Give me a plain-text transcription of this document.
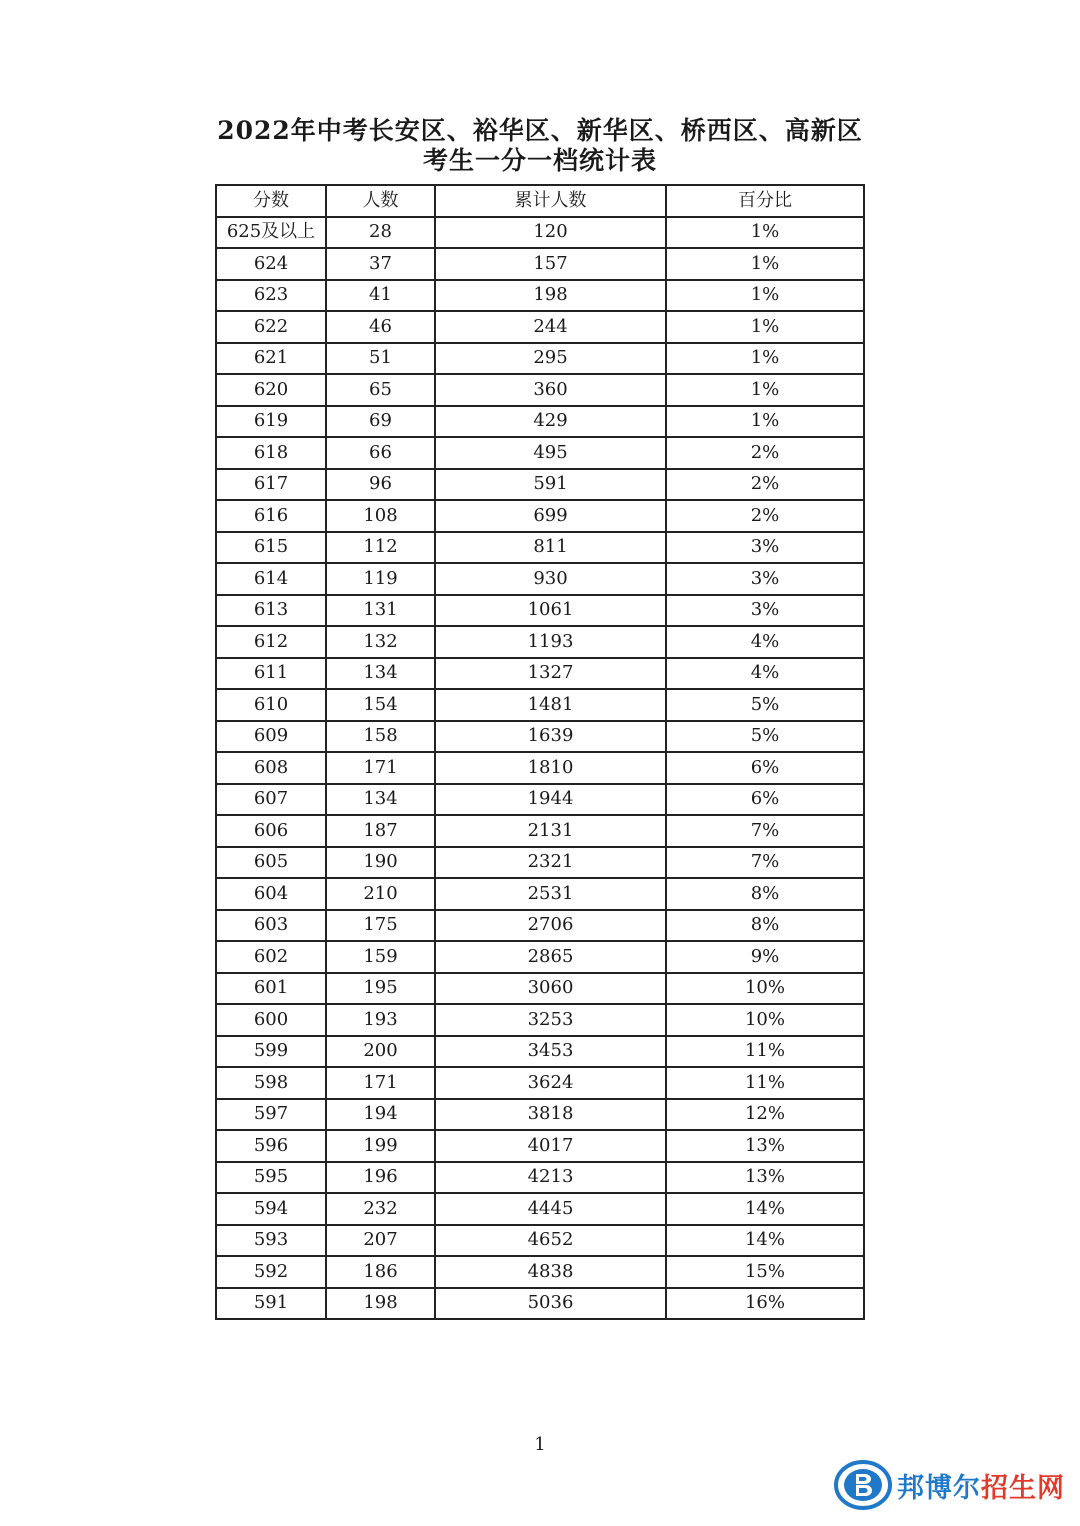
2022年中考长安区、裕华区、新华区、桥西区、高新区
考生一分一档统计表
分数	人数	累计人数	百分比
625及以上	28	120	1%
624	37	157	1%
623	41	198	1%
622	46	244	1%
621	51	295	1%
620	65	360	1%
619	69	429	1%
618	66	495	2%
617	96	591	2%
616	108	699	2%
615	112	811	3%
614	119	930	3%
613	131	1061	3%
612	132	1193	4%
611	134	1327	4%
610	154	1481	5%
609	158	1639	5%
608	171	1810	6%
607	134	1944	6%
606	187	2131	7%
605	190	2321	7%
604	210	2531	8%
603	175	2706	8%
602	159	2865	9%
601	195	3060	10%
600	193	3253	10%
599	200	3453	11%
598	171	3624	11%
597	194	3818	12%
596	199	4017	13%
595	196	4213	13%
594	232	4445	14%
593	207	4652	14%
592	186	4838	15%
591	198	5036	16%
1
邦博尔招生网
